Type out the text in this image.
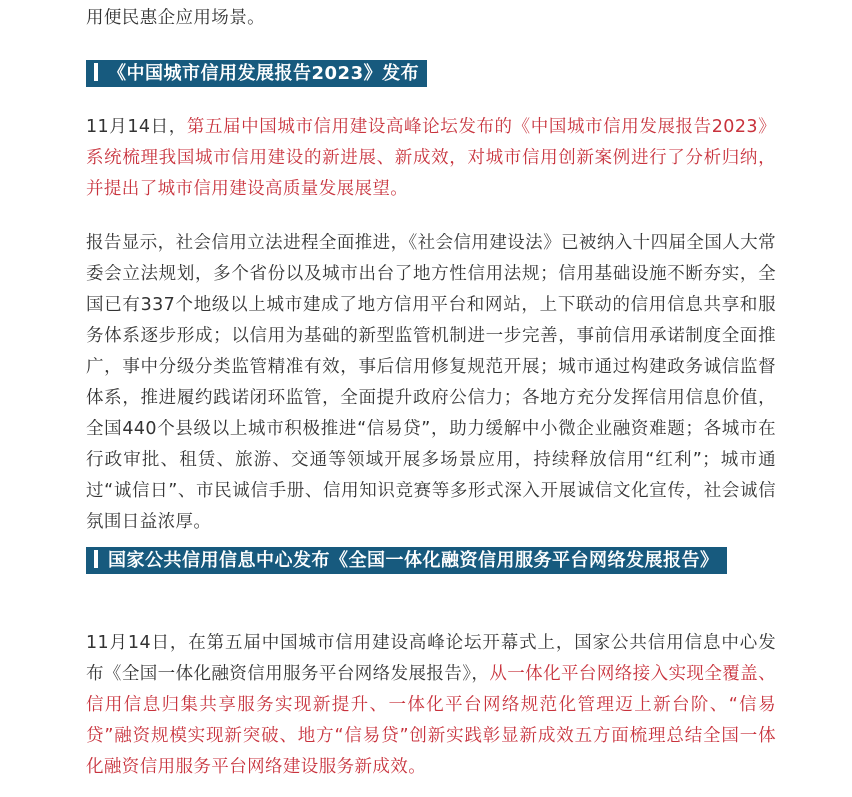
用便民惠企应用场景。

《中国城市信用发展报告2023》发布

11月14日，第五届中国城市信用建设高峰论坛发布的《中国城市信用发展报告2023》系统梳理我国城市信用建设的新进展、新成效，对城市信用创新案例进行了分析归纳，并提出了城市信用建设高质量发展展望。

报告显示，社会信用立法进程全面推进，《社会信用建设法》已被纳入十四届全国人大常委会立法规划，多个省份以及城市出台了地方性信用法规；信用基础设施不断夯实，全国已有337个地级以上城市建成了地方信用平台和网站，上下联动的信用信息共享和服务体系逐步形成；以信用为基础的新型监管机制进一步完善，事前信用承诺制度全面推广，事中分级分类监管精准有效，事后信用修复规范开展；城市通过构建政务诚信监督体系，推进履约践诺闭环监管，全面提升政府公信力；各地方充分发挥信用信息价值，全国440个县级以上城市积极推进“信易贷”，助力缓解中小微企业融资难题；各城市在行政审批、租赁、旅游、交通等领域开展多场景应用，持续释放信用“红利”；城市通过“诚信日”、市民诚信手册、信用知识竞赛等多形式深入开展诚信文化宣传，社会诚信氛围日益浓厚。

国家公共信用信息中心发布《全国一体化融资信用服务平台网络发展报告》

11月14日，在第五届中国城市信用建设高峰论坛开幕式上，国家公共信用信息中心发布《全国一体化融资信用服务平台网络发展报告》，从一体化平台网络接入实现全覆盖、信用信息归集共享服务实现新提升、一体化平台网络规范化管理迈上新台阶、“信易贷”融资规模实现新突破、地方“信易贷”创新实践彰显新成效五方面梳理总结全国一体化融资信用服务平台网络建设服务新成效。
